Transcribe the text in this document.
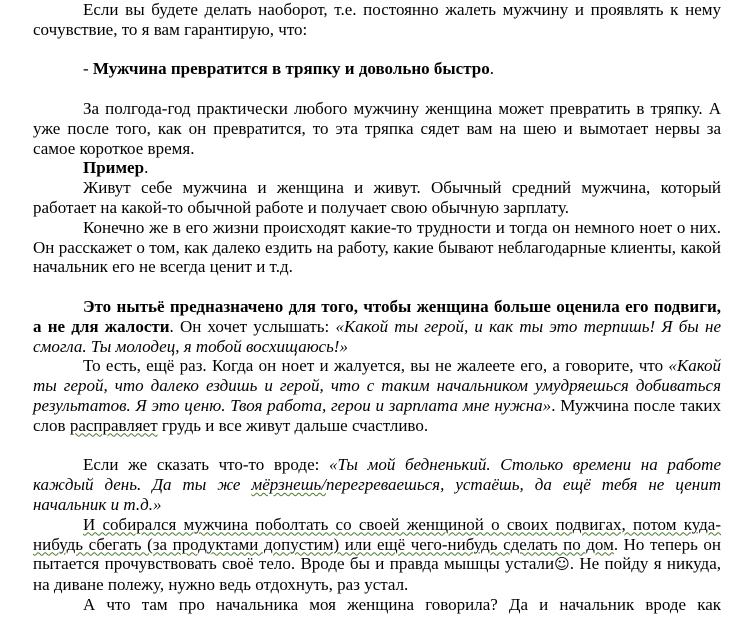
Если вы будете делать наоборот, т.е. постоянно жалеть мужчину и проявлять к нему сочувствие, то я вам гарантирую, что:

- Мужчина превратится в тряпку и довольно быстро.

За полгода-год практически любого мужчину женщина может превратить в тряпку. А уже после того, как он превратится, то эта тряпка сядет вам на шею и вымотает нервы за самое короткое время.

Пример.

Живут себе мужчина и женщина и живут. Обычный средний мужчина, который работает на какой-то обычной работе и получает свою обычную зарплату.

Конечно же в его жизни происходят какие-то трудности и тогда он немного ноет о них. Он расскажет о том, как далеко ездить на работу, какие бывают неблагодарные клиенты, какой начальник его не всегда ценит и т.д.

Это нытьё предназначено для того, чтобы женщина больше оценила его подвиги, а не для жалости. Он хочет услышать: «Какой ты герой, и как ты это терпишь! Я бы не смогла. Ты молодец, я тобой восхищаюсь!»

То есть, ещё раз. Когда он ноет и жалуется, вы не жалеете его, а говорите, что «Какой ты герой, что далеко ездишь и герой, что с таким начальником умудряешься добиваться результатов. Я это ценю. Твоя работа, герои и зарплата мне нужна». Мужчина после таких слов расправляет грудь и все живут дальше счастливо.

Если же сказать что-то вроде: «Ты мой бедненький. Столько времени на работе каждый день. Да ты же мёрзнешь/перегреваешься, устаёшь, да ещё тебя не ценит начальник и т.д.»

И собирался мужчина поболтать со своей женщиной о своих подвигах, потом куда-нибудь сбегать (за продуктами допустим) или ещё чего-нибудь сделать по дом. Но теперь он пытается прочувствовать своё тело. Вроде бы и правда мышцы устали☺. Не пойду я никуда, на диване полежу, нужно ведь отдохнуть, раз устал.

А что там про начальника моя женщина говорила? Да и начальник вроде как
